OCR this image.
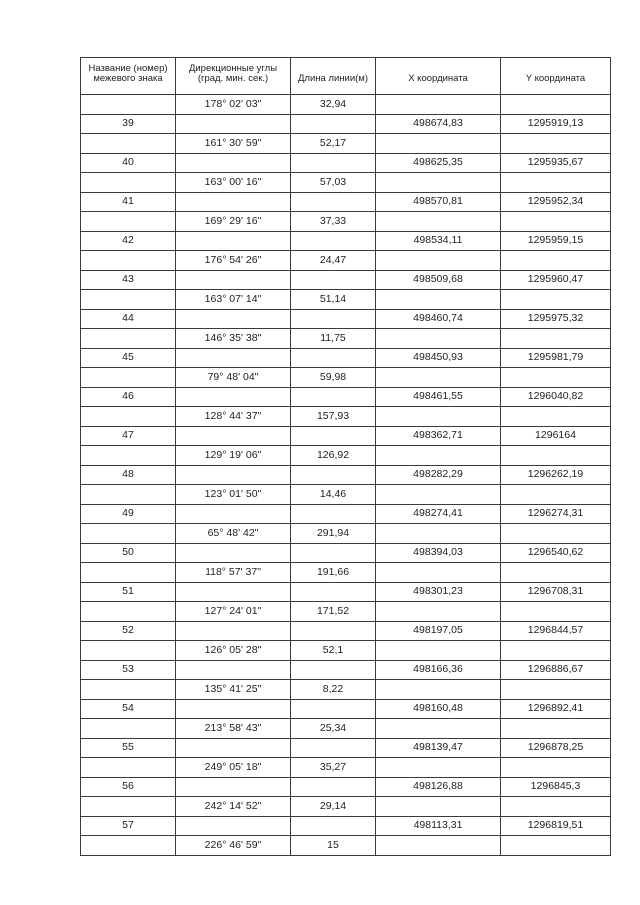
Название (номер)
межевого знака	Дирекционные углы
(град. мин. сек.)	Длина линии(м)	X координата	Y координата
	178° 02' 03"	32,94		
39			498674,83	1295919,13
	161° 30' 59"	52,17		
40			498625,35	1295935,67
	163° 00' 16"	57,03		
41			498570,81	1295952,34
	169° 29' 16"	37,33		
42			498534,11	1295959,15
	176° 54' 26"	24,47		
43			498509,68	1295960,47
	163° 07' 14"	51,14		
44			498460,74	1295975,32
	146° 35' 38"	11,75		
45			498450,93	1295981,79
	79° 48' 04"	59,98		
46			498461,55	1296040,82
	128° 44' 37"	157,93		
47			498362,71	1296164
	129° 19' 06"	126,92		
48			498282,29	1296262,19
	123° 01' 50"	14,46		
49			498274,41	1296274,31
	65° 48' 42"	291,94		
50			498394,03	1296540,62
	118° 57' 37"	191,66		
51			498301,23	1296708,31
	127° 24' 01"	171,52		
52			498197,05	1296844,57
	126° 05' 28"	52,1		
53			498166,36	1296886,67
	135° 41' 25"	8,22		
54			498160,48	1296892,41
	213° 58' 43"	25,34		
55			498139,47	1296878,25
	249° 05' 18"	35,27		
56			498126,88	1296845,3
	242° 14' 52"	29,14		
57			498113,31	1296819,51
	226° 46' 59"	15		
